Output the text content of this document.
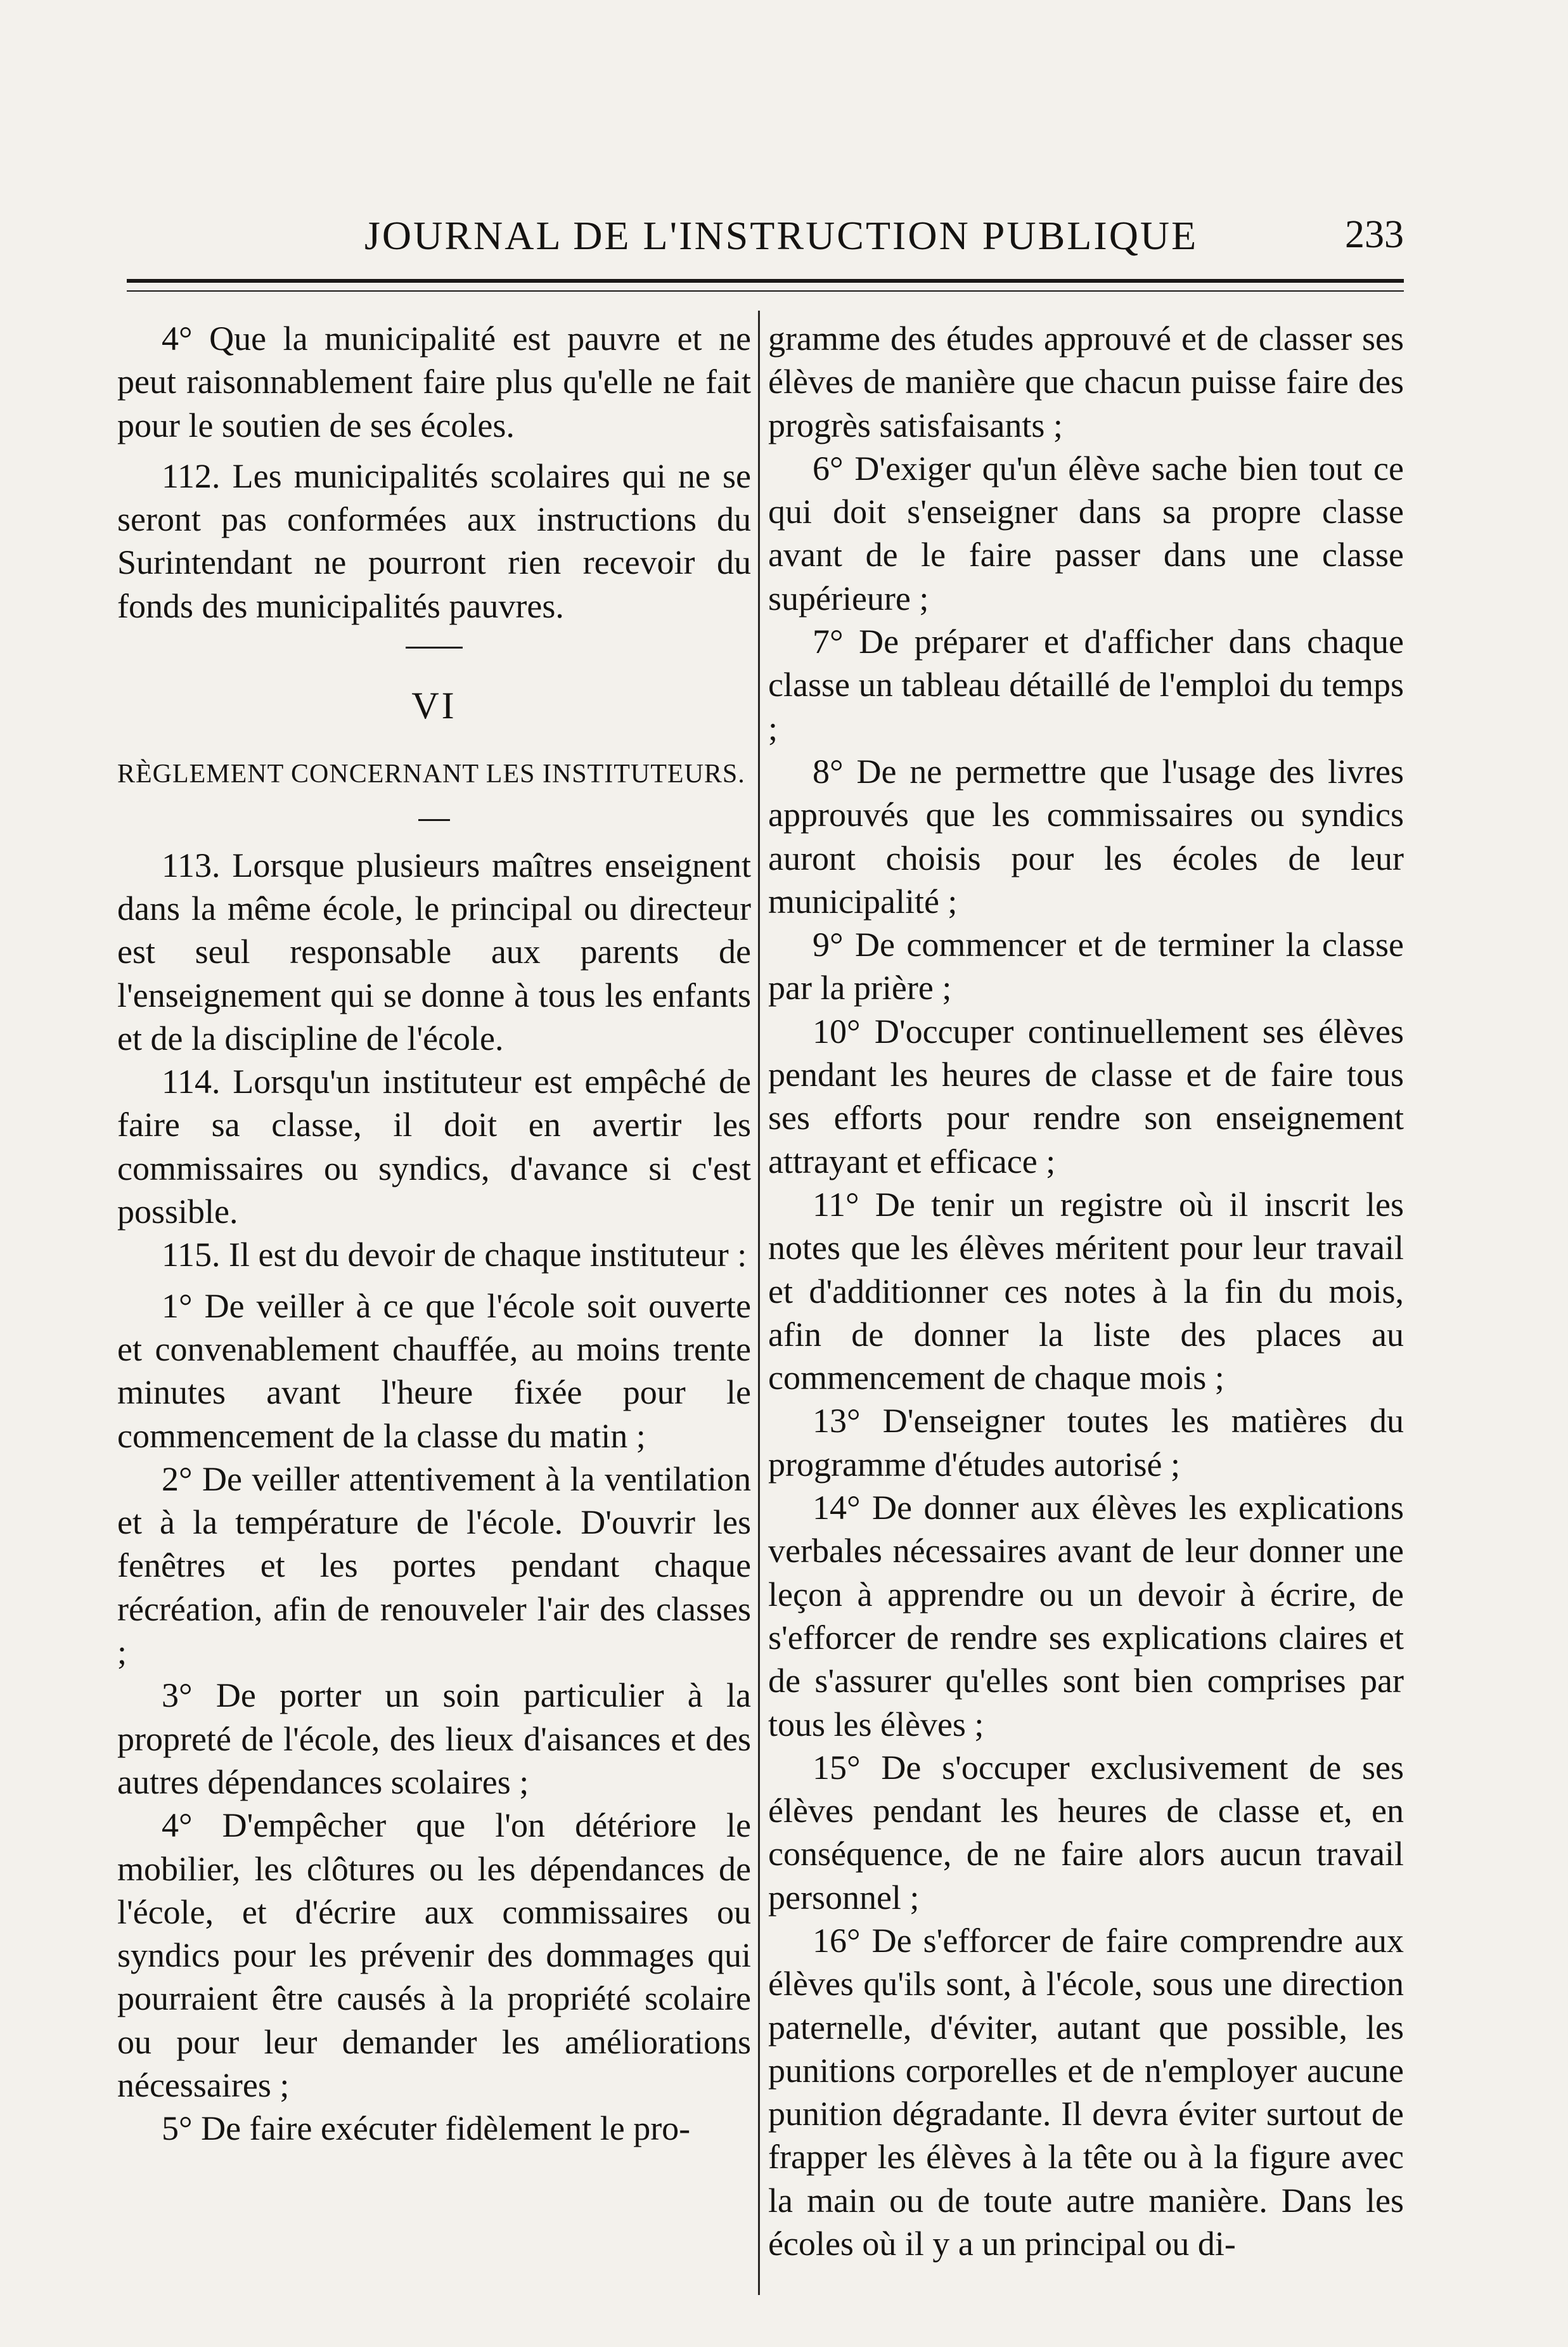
JOURNAL DE L'INSTRUCTION PUBLIQUE	233

4° Que la municipalité est pauvre et ne peut raisonnablement faire plus qu'elle ne fait pour le soutien de ses écoles.

112. Les municipalités scolaires qui ne se seront pas conformées aux instructions du Surintendant ne pourront rien recevoir du fonds des municipalités pauvres.

VI

RÈGLEMENT CONCERNANT LES INSTITUTEURS.

113. Lorsque plusieurs maîtres enseignent dans la même école, le principal ou directeur est seul responsable aux parents de l'enseignement qui se donne à tous les enfants et de la discipline de l'école.

114. Lorsqu'un instituteur est empêché de faire sa classe, il doit en avertir les commissaires ou syndics, d'avance si c'est possible.

115. Il est du devoir de chaque instituteur :

1° De veiller à ce que l'école soit ouverte et convenablement chauffée, au moins trente minutes avant l'heure fixée pour le commencement de la classe du matin ;

2° De veiller attentivement à la ventilation et à la température de l'école. D'ouvrir les fenêtres et les portes pendant chaque récréation, afin de renouveler l'air des classes ;

3° De porter un soin particulier à la propreté de l'école, des lieux d'aisances et des autres dépendances scolaires ;

4° D'empêcher que l'on détériore le mobilier, les clôtures ou les dépendances de l'école, et d'écrire aux commissaires ou syndics pour les prévenir des dommages qui pourraient être causés à la propriété scolaire ou pour leur demander les améliorations nécessaires ;

5° De faire exécuter fidèlement le pro-

gramme des études approuvé et de classer ses élèves de manière que chacun puisse faire des progrès satisfaisants ;

6° D'exiger qu'un élève sache bien tout ce qui doit s'enseigner dans sa propre classe avant de le faire passer dans une classe supérieure ;

7° De préparer et d'afficher dans chaque classe un tableau détaillé de l'emploi du temps ;

8° De ne permettre que l'usage des livres approuvés que les commissaires ou syndics auront choisis pour les écoles de leur municipalité ;

9° De commencer et de terminer la classe par la prière ;

10° D'occuper continuellement ses élèves pendant les heures de classe et de faire tous ses efforts pour rendre son enseignement attrayant et efficace ;

11° De tenir un registre où il inscrit les notes que les élèves méritent pour leur travail et d'additionner ces notes à la fin du mois, afin de donner la liste des places au commencement de chaque mois ;

13° D'enseigner toutes les matières du programme d'études autorisé ;

14° De donner aux élèves les explications verbales nécessaires avant de leur donner une leçon à apprendre ou un devoir à écrire, de s'efforcer de rendre ses explications claires et de s'assurer qu'elles sont bien comprises par tous les élèves ;

15° De s'occuper exclusivement de ses élèves pendant les heures de classe et, en conséquence, de ne faire alors aucun travail personnel ;

16° De s'efforcer de faire comprendre aux élèves qu'ils sont, à l'école, sous une direction paternelle, d'éviter, autant que possible, les punitions corporelles et de n'employer aucune punition dégradante. Il devra éviter surtout de frapper les élèves à la tête ou à la figure avec la main ou de toute autre manière. Dans les écoles où il y a un principal ou di-
